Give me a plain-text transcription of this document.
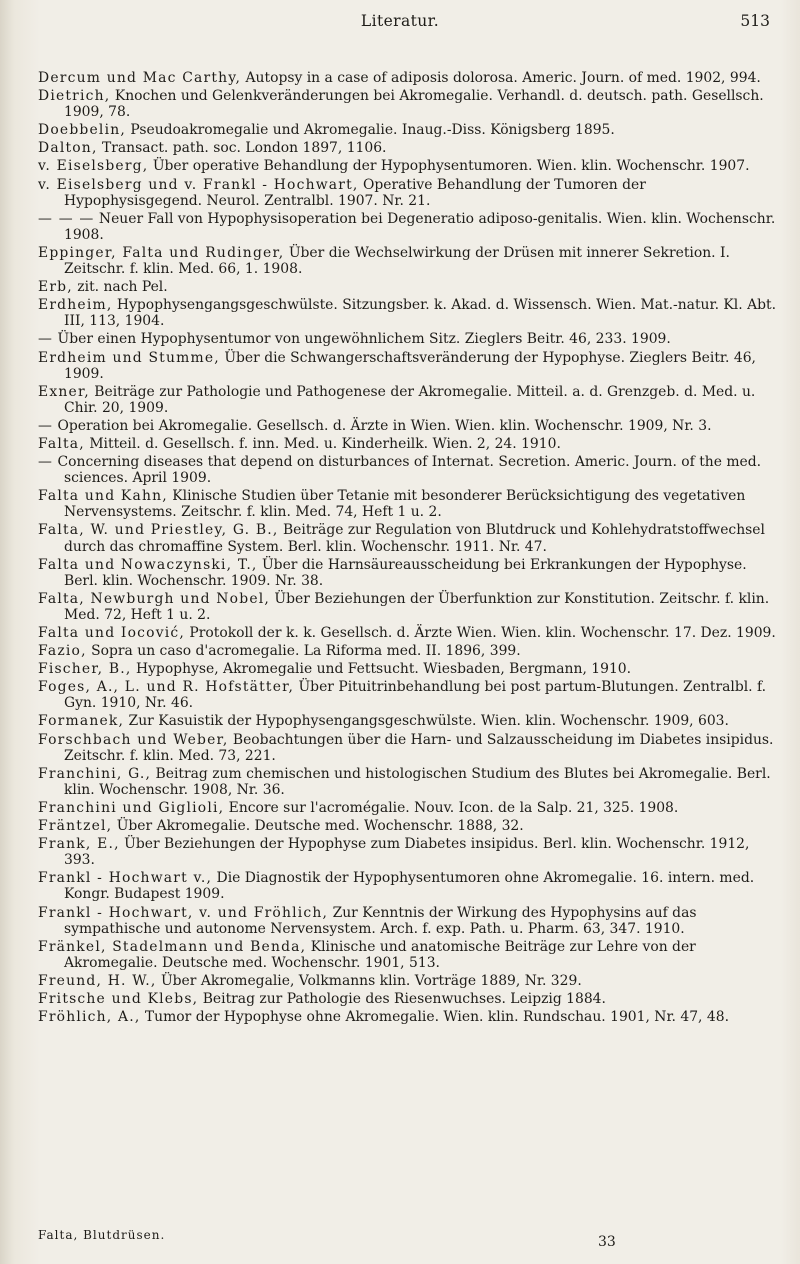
Literatur.	513

Dercum und Mac Carthy, Autopsy in a case of adiposis dolorosa. Americ. Journ. of med. 1902, 994.

Dietrich, Knochen und Gelenkveränderungen bei Akromegalie. Verhandl. d. deutsch. path. Gesellsch. 1909, 78.

Doebbelin, Pseudoakromegalie und Akromegalie. Inaug.-Diss. Königsberg 1895.

Dalton, Transact. path. soc. London 1897, 1106.

v. Eiselsberg, Über operative Behandlung der Hypophysentumoren. Wien. klin. Wochenschr. 1907.

v. Eiselsberg und v. Frankl - Hochwart, Operative Behandlung der Tumoren der Hypophysisgegend. Neurol. Zentralbl. 1907. Nr. 21.

— — — Neuer Fall von Hypophysisoperation bei Degeneratio adiposo-genitalis. Wien. klin. Wochenschr. 1908.

Eppinger, Falta und Rudinger, Über die Wechselwirkung der Drüsen mit innerer Sekretion. I. Zeitschr. f. klin. Med. 66, 1. 1908.

Erb, zit. nach Pel.

Erdheim, Hypophysengangsgeschwülste. Sitzungsber. k. Akad. d. Wissensch. Wien. Mat.-natur. Kl. Abt. III, 113, 1904.

— Über einen Hypophysentumor von ungewöhnlichem Sitz. Zieglers Beitr. 46, 233. 1909.

Erdheim und Stumme, Über die Schwangerschaftsveränderung der Hypophyse. Zieglers Beitr. 46, 1909.

Exner, Beiträge zur Pathologie und Pathogenese der Akromegalie. Mitteil. a. d. Grenzgeb. d. Med. u. Chir. 20, 1909.

— Operation bei Akromegalie. Gesellsch. d. Ärzte in Wien. Wien. klin. Wochenschr. 1909, Nr. 3.

Falta, Mitteil. d. Gesellsch. f. inn. Med. u. Kinderheilk. Wien. 2, 24. 1910.

— Concerning diseases that depend on disturbances of Internat. Secretion. Americ. Journ. of the med. sciences. April 1909.

Falta und Kahn, Klinische Studien über Tetanie mit besonderer Berücksichtigung des vegetativen Nervensystems. Zeitschr. f. klin. Med. 74, Heft 1 u. 2.

Falta, W. und Priestley, G. B., Beiträge zur Regulation von Blutdruck und Kohlehydratstoffwechsel durch das chromaffine System. Berl. klin. Wochenschr. 1911. Nr. 47.

Falta und Nowaczynski, T., Über die Harnsäureausscheidung bei Erkrankungen der Hypophyse. Berl. klin. Wochenschr. 1909. Nr. 38.

Falta, Newburgh und Nobel, Über Beziehungen der Überfunktion zur Konstitution. Zeitschr. f. klin. Med. 72, Heft 1 u. 2.

Falta und Iocović, Protokoll der k. k. Gesellsch. d. Ärzte Wien. Wien. klin. Wochenschr. 17. Dez. 1909.

Fazio, Sopra un caso d'acromegalie. La Riforma med. II. 1896, 399.

Fischer, B., Hypophyse, Akromegalie und Fettsucht. Wiesbaden, Bergmann, 1910.

Foges, A., L. und R. Hofstätter, Über Pituitrinbehandlung bei post partum-Blutungen. Zentralbl. f. Gyn. 1910, Nr. 46.

Formanek, Zur Kasuistik der Hypophysengangsgeschwülste. Wien. klin. Wochenschr. 1909, 603.

Forschbach und Weber, Beobachtungen über die Harn- und Salzausscheidung im Diabetes insipidus. Zeitschr. f. klin. Med. 73, 221.

Franchini, G., Beitrag zum chemischen und histologischen Studium des Blutes bei Akromegalie. Berl. klin. Wochenschr. 1908, Nr. 36.

Franchini und Giglioli, Encore sur l'acromégalie. Nouv. Icon. de la Salp. 21, 325. 1908.

Fräntzel, Über Akromegalie. Deutsche med. Wochenschr. 1888, 32.

Frank, E., Über Beziehungen der Hypophyse zum Diabetes insipidus. Berl. klin. Wochenschr. 1912, 393.

Frankl - Hochwart v., Die Diagnostik der Hypophysentumoren ohne Akromegalie. 16. intern. med. Kongr. Budapest 1909.

Frankl - Hochwart, v. und Fröhlich, Zur Kenntnis der Wirkung des Hypophysins auf das sympathische und autonome Nervensystem. Arch. f. exp. Path. u. Pharm. 63, 347. 1910.

Fränkel, Stadelmann und Benda, Klinische und anatomische Beiträge zur Lehre von der Akromegalie. Deutsche med. Wochenschr. 1901, 513.

Freund, H. W., Über Akromegalie, Volkmanns klin. Vorträge 1889, Nr. 329.

Fritsche und Klebs, Beitrag zur Pathologie des Riesenwuchses. Leipzig 1884.

Fröhlich, A., Tumor der Hypophyse ohne Akromegalie. Wien. klin. Rundschau. 1901, Nr. 47, 48.

Falta, Blutdrüsen.	33
